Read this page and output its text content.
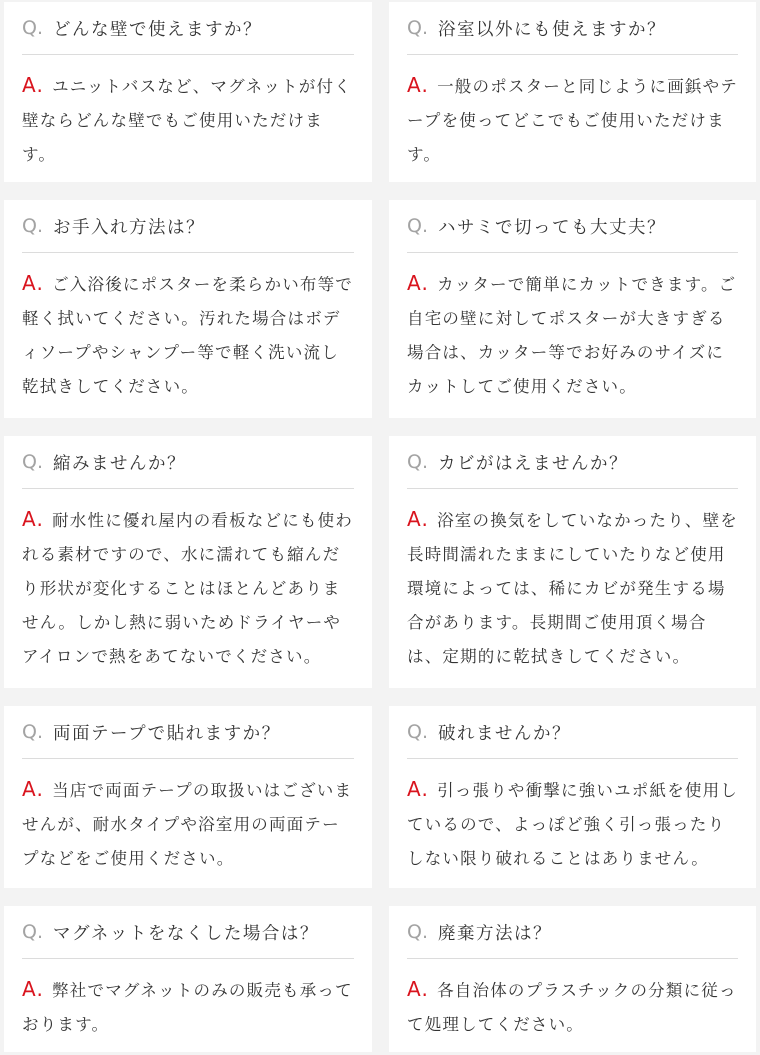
Q. どんな壁で使えますか？
A. ユニットバスなど、マグネットが付く壁ならどんな壁でもご使用いただけます。
Q. 浴室以外にも使えますか？
A. 一般のポスターと同じように画鋲やテープを使ってどこでもご使用いただけます。
Q. お手入れ方法は？
A. ご入浴後にポスターを柔らかい布等で軽く拭いてください。汚れた場合はボディソープやシャンプー等で軽く洗い流し乾拭きしてください。
Q. ハサミで切っても大丈夫？
A. カッターで簡単にカットできます。ご自宅の壁に対してポスターが大きすぎる場合は、カッター等でお好みのサイズにカットしてご使用ください。
Q. 縮みませんか？
A. 耐水性に優れ屋内の看板などにも使われる素材ですので、水に濡れても縮んだり形状が変化することはほとんどありません。しかし熱に弱いためドライヤーやアイロンで熱をあてないでください。
Q. カビがはえませんか？
A. 浴室の換気をしていなかったり、壁を長時間濡れたままにしていたりなど使用環境によっては、稀にカビが発生する場合があります。長期間ご使用頂く場合は、定期的に乾拭きしてください。
Q. 両面テープで貼れますか？
A. 当店で両面テープの取扱いはございませんが、耐水タイプや浴室用の両面テープなどをご使用ください。
Q. 破れませんか？
A. 引っ張りや衝撃に強いユポ紙を使用しているので、よっぽど強く引っ張ったりしない限り破れることはありません。
Q. マグネットをなくした場合は？
A. 弊社でマグネットのみの販売も承っております。
Q. 廃棄方法は？
A. 各自治体のプラスチックの分類に従って処理してください。
